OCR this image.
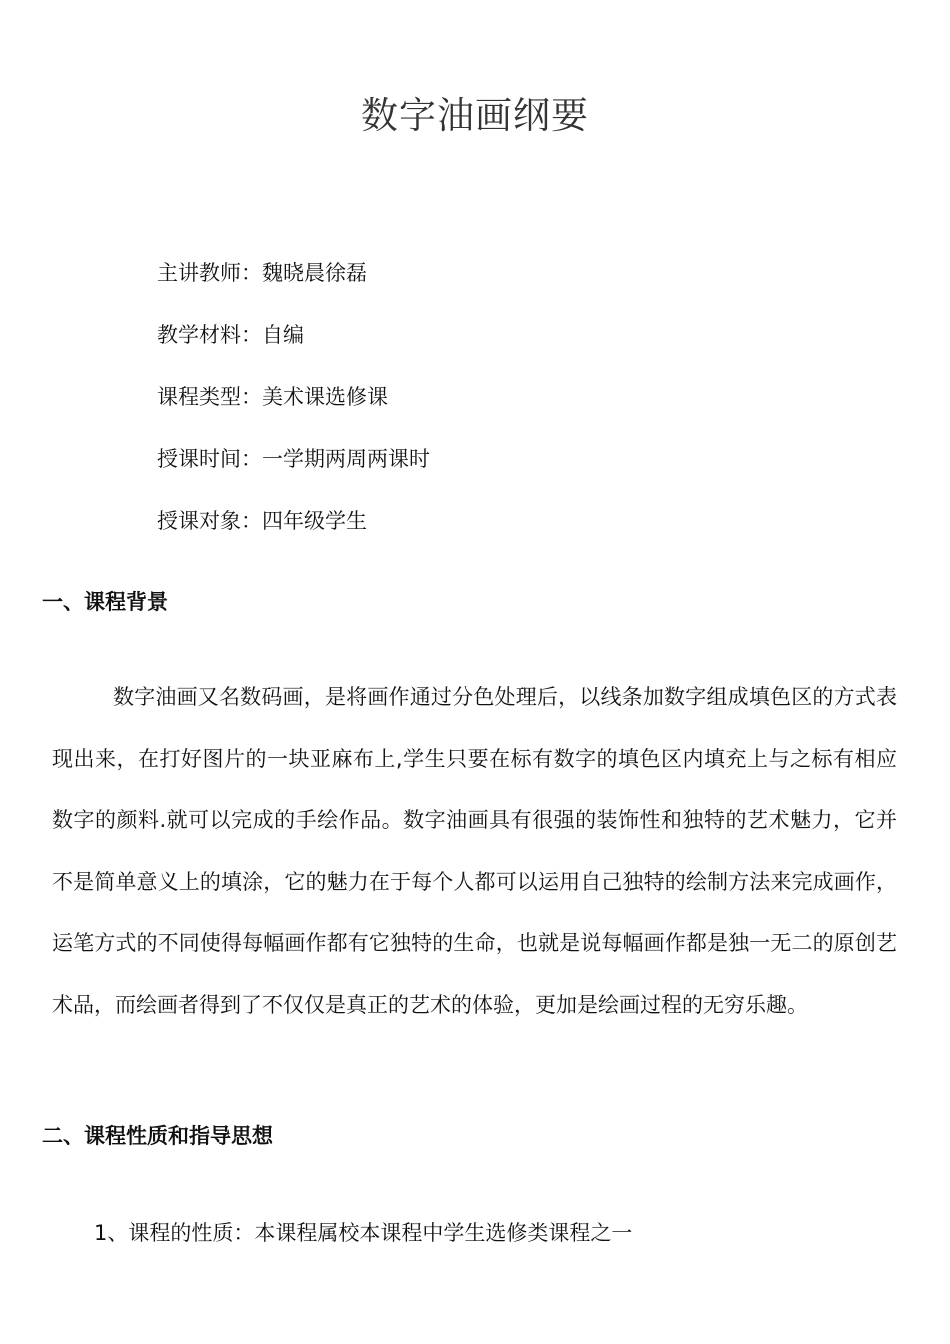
数字油画纲要
主讲教师：魏晓晨徐磊
教学材料：自编
课程类型：美术课选修课
授课时间：一学期两周两课时
授课对象：四年级学生
一、课程背景

数字油画又名数码画，是将画作通过分色处理后，以线条加数字组成填色区的方式表现出来，在打好图片的一块亚麻布上,学生只要在标有数字的填色区内填充上与之标有相应数字的颜料.就可以完成的手绘作品。数字油画具有很强的装饰性和独特的艺术魅力，它并不是简单意义上的填涂，它的魅力在于每个人都可以运用自己独特的绘制方法来完成画作，运笔方式的不同使得每幅画作都有它独特的生命，也就是说每幅画作都是独一无二的原创艺术品，而绘画者得到了不仅仅是真正的艺术的体验，更加是绘画过程的无穷乐趣。

二、课程性质和指导思想

1、课程的性质：本课程属校本课程中学生选修类课程之一
